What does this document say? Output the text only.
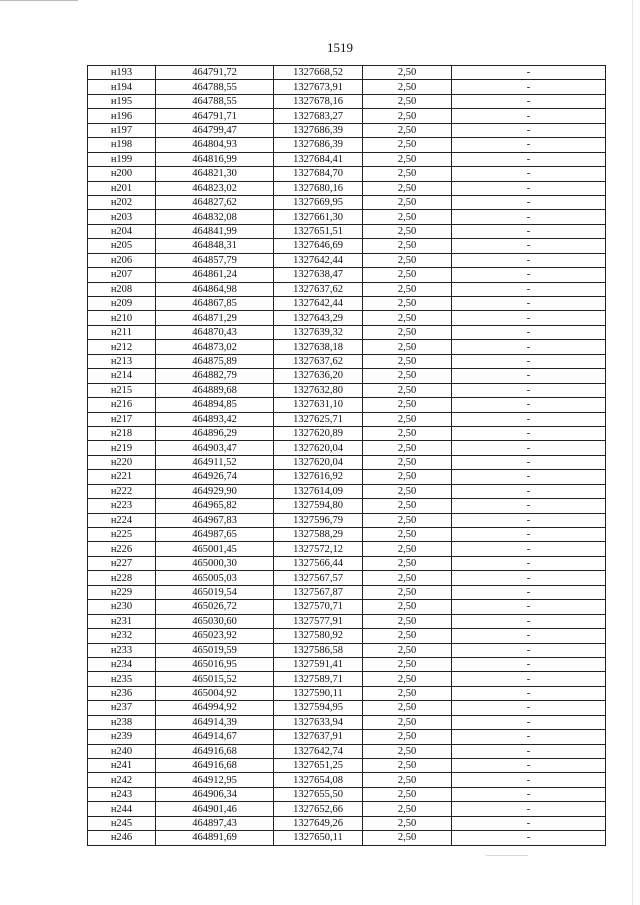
1519
н193	464791,72	1327668,52	2,50	-
н194	464788,55	1327673,91	2,50	-
н195	464788,55	1327678,16	2,50	-
н196	464791,71	1327683,27	2,50	-
н197	464799,47	1327686,39	2,50	-
н198	464804,93	1327686,39	2,50	-
н199	464816,99	1327684,41	2,50	-
н200	464821,30	1327684,70	2,50	-
н201	464823,02	1327680,16	2,50	-
н202	464827,62	1327669,95	2,50	-
н203	464832,08	1327661,30	2,50	-
н204	464841,99	1327651,51	2,50	-
н205	464848,31	1327646,69	2,50	-
н206	464857,79	1327642,44	2,50	-
н207	464861,24	1327638,47	2,50	-
н208	464864,98	1327637,62	2,50	-
н209	464867,85	1327642,44	2,50	-
н210	464871,29	1327643,29	2,50	-
н211	464870,43	1327639,32	2,50	-
н212	464873,02	1327638,18	2,50	-
н213	464875,89	1327637,62	2,50	-
н214	464882,79	1327636,20	2,50	-
н215	464889,68	1327632,80	2,50	-
н216	464894,85	1327631,10	2,50	-
н217	464893,42	1327625,71	2,50	-
н218	464896,29	1327620,89	2,50	-
н219	464903,47	1327620,04	2,50	-
н220	464911,52	1327620,04	2,50	-
н221	464926,74	1327616,92	2,50	-
н222	464929,90	1327614,09	2,50	-
н223	464965,82	1327594,80	2,50	-
н224	464967,83	1327596,79	2,50	-
н225	464987,65	1327588,29	2,50	-
н226	465001,45	1327572,12	2,50	-
н227	465000,30	1327566,44	2,50	-
н228	465005,03	1327567,57	2,50	-
н229	465019,54	1327567,87	2,50	-
н230	465026,72	1327570,71	2,50	-
н231	465030,60	1327577,91	2,50	-
н232	465023,92	1327580,92	2,50	-
н233	465019,59	1327586,58	2,50	-
н234	465016,95	1327591,41	2,50	-
н235	465015,52	1327589,71	2,50	-
н236	465004,92	1327590,11	2,50	-
н237	464994,92	1327594,95	2,50	-
н238	464914,39	1327633,94	2,50	-
н239	464914,67	1327637,91	2,50	-
н240	464916,68	1327642,74	2,50	-
н241	464916,68	1327651,25	2,50	-
н242	464912,95	1327654,08	2,50	-
н243	464906,34	1327655,50	2,50	-
н244	464901,46	1327652,66	2,50	-
н245	464897,43	1327649,26	2,50	-
н246	464891,69	1327650,11	2,50	-
